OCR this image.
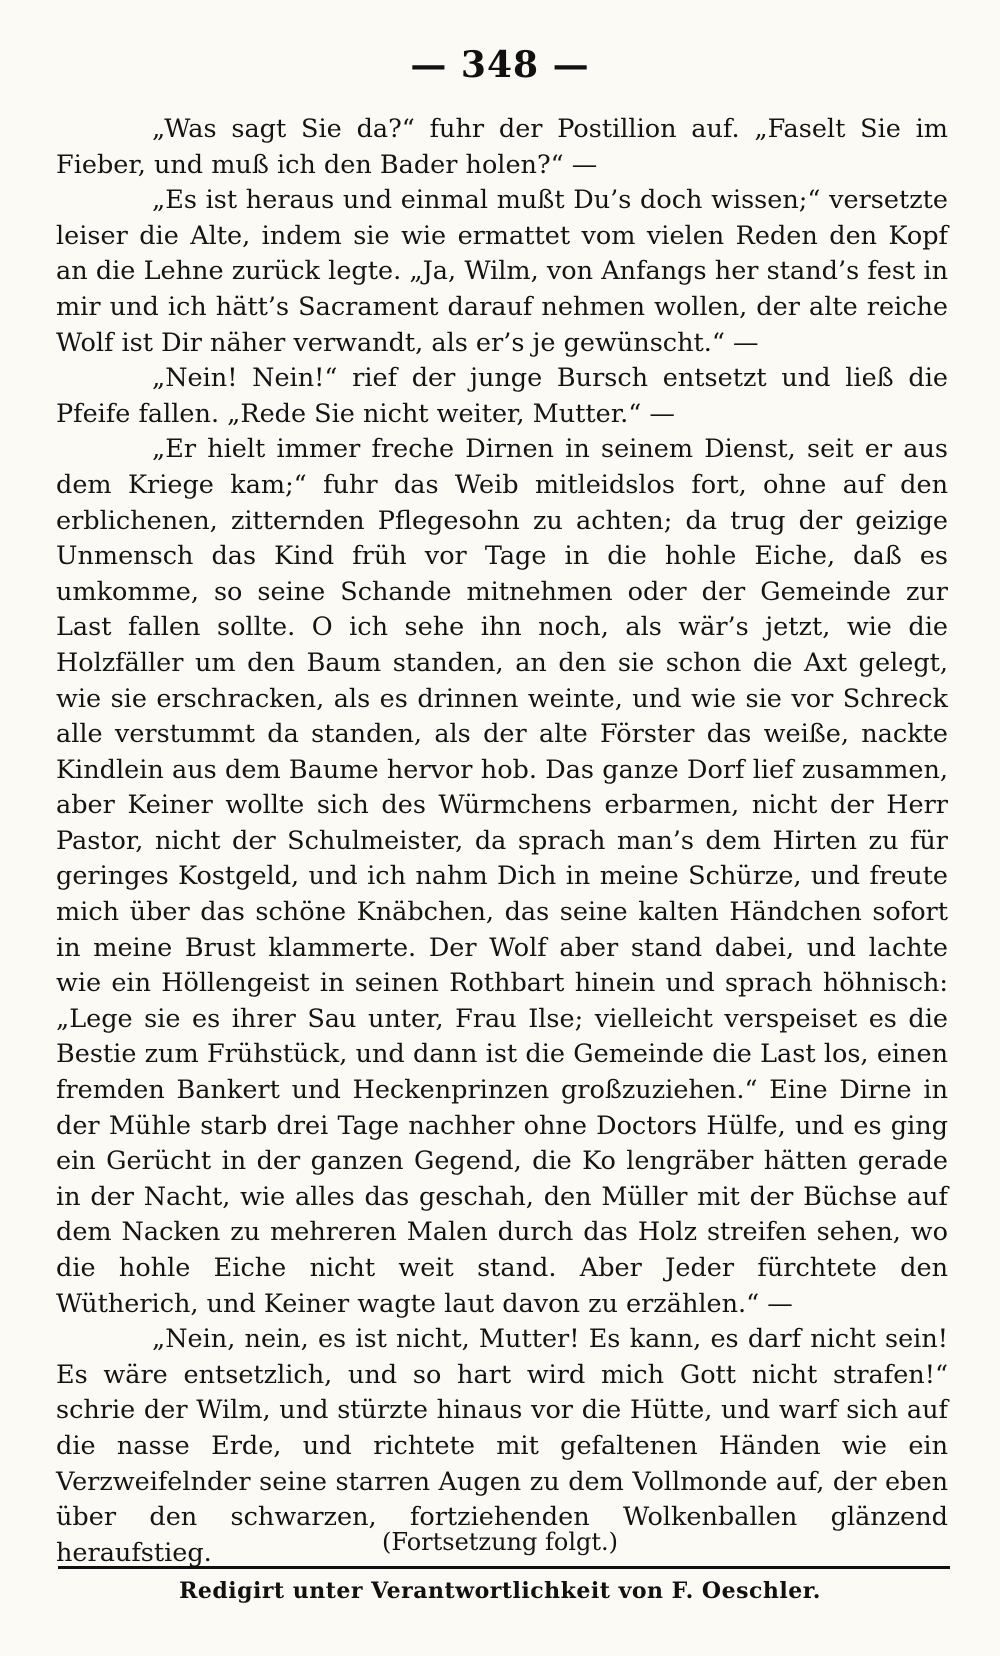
— 348 —

„Was sagt Sie da?“ fuhr der Postillion auf. „Faselt Sie im Fieber, und muß ich den Bader holen?“ —

„Es ist heraus und einmal mußt Du’s doch wissen;“ versetzte leiser die Alte, indem sie wie ermattet vom vielen Reden den Kopf an die Lehne zurück legte. „Ja, Wilm, von Anfangs her stand’s fest in mir und ich hätt’s Sacrament darauf nehmen wollen, der alte reiche Wolf ist Dir näher verwandt, als er’s je gewünscht.“ —

„Nein! Nein!“ rief der junge Bursch entsetzt und ließ die Pfeife fallen. „Rede Sie nicht weiter, Mutter.“ —

„Er hielt immer freche Dirnen in seinem Dienst, seit er aus dem Kriege kam;“ fuhr das Weib mitleidslos fort, ohne auf den erblichenen, zitternden Pflegesohn zu achten; da trug der geizige Unmensch das Kind früh vor Tage in die hohle Eiche, daß es umkomme, so seine Schande mitnehmen oder der Gemeinde zur Last fallen sollte. O ich sehe ihn noch, als wär’s jetzt, wie die Holzfäller um den Baum standen, an den sie schon die Axt gelegt, wie sie erschracken, als es drinnen weinte, und wie sie vor Schreck alle verstummt da standen, als der alte Förster das weiße, nackte Kindlein aus dem Baume hervor hob. Das ganze Dorf lief zusammen, aber Keiner wollte sich des Würmchens erbarmen, nicht der Herr Pastor, nicht der Schulmeister, da sprach man’s dem Hirten zu für geringes Kostgeld, und ich nahm Dich in meine Schürze, und freute mich über das schöne Knäbchen, das seine kalten Händchen sofort in meine Brust klammerte. Der Wolf aber stand dabei, und lachte wie ein Höllengeist in seinen Rothbart hinein und sprach höhnisch: „Lege sie es ihrer Sau unter, Frau Ilse; vielleicht verspeiset es die Bestie zum Frühstück, und dann ist die Gemeinde die Last los, einen fremden Bankert und Heckenprinzen großzuziehen.“ Eine Dirne in der Mühle starb drei Tage nachher ohne Doctors Hülfe, und es ging ein Gerücht in der ganzen Gegend, die Ko lengräber hätten gerade in der Nacht, wie alles das geschah, den Müller mit der Büchse auf dem Nacken zu mehreren Malen durch das Holz streifen sehen, wo die hohle Eiche nicht weit stand. Aber Jeder fürchtete den Wütherich, und Keiner wagte laut davon zu erzählen.“ —

„Nein, nein, es ist nicht, Mutter! Es kann, es darf nicht sein! Es wäre entsetzlich, und so hart wird mich Gott nicht strafen!“ schrie der Wilm, und stürzte hinaus vor die Hütte, und warf sich auf die nasse Erde, und richtete mit gefaltenen Händen wie ein Verzweifelnder seine starren Augen zu dem Vollmonde auf, der eben über den schwarzen, fortziehenden Wolkenballen glänzend heraufstieg.	(Fortsetzung folgt.)
Redigirt unter Verantwortlichkeit von F. Oeschler.
